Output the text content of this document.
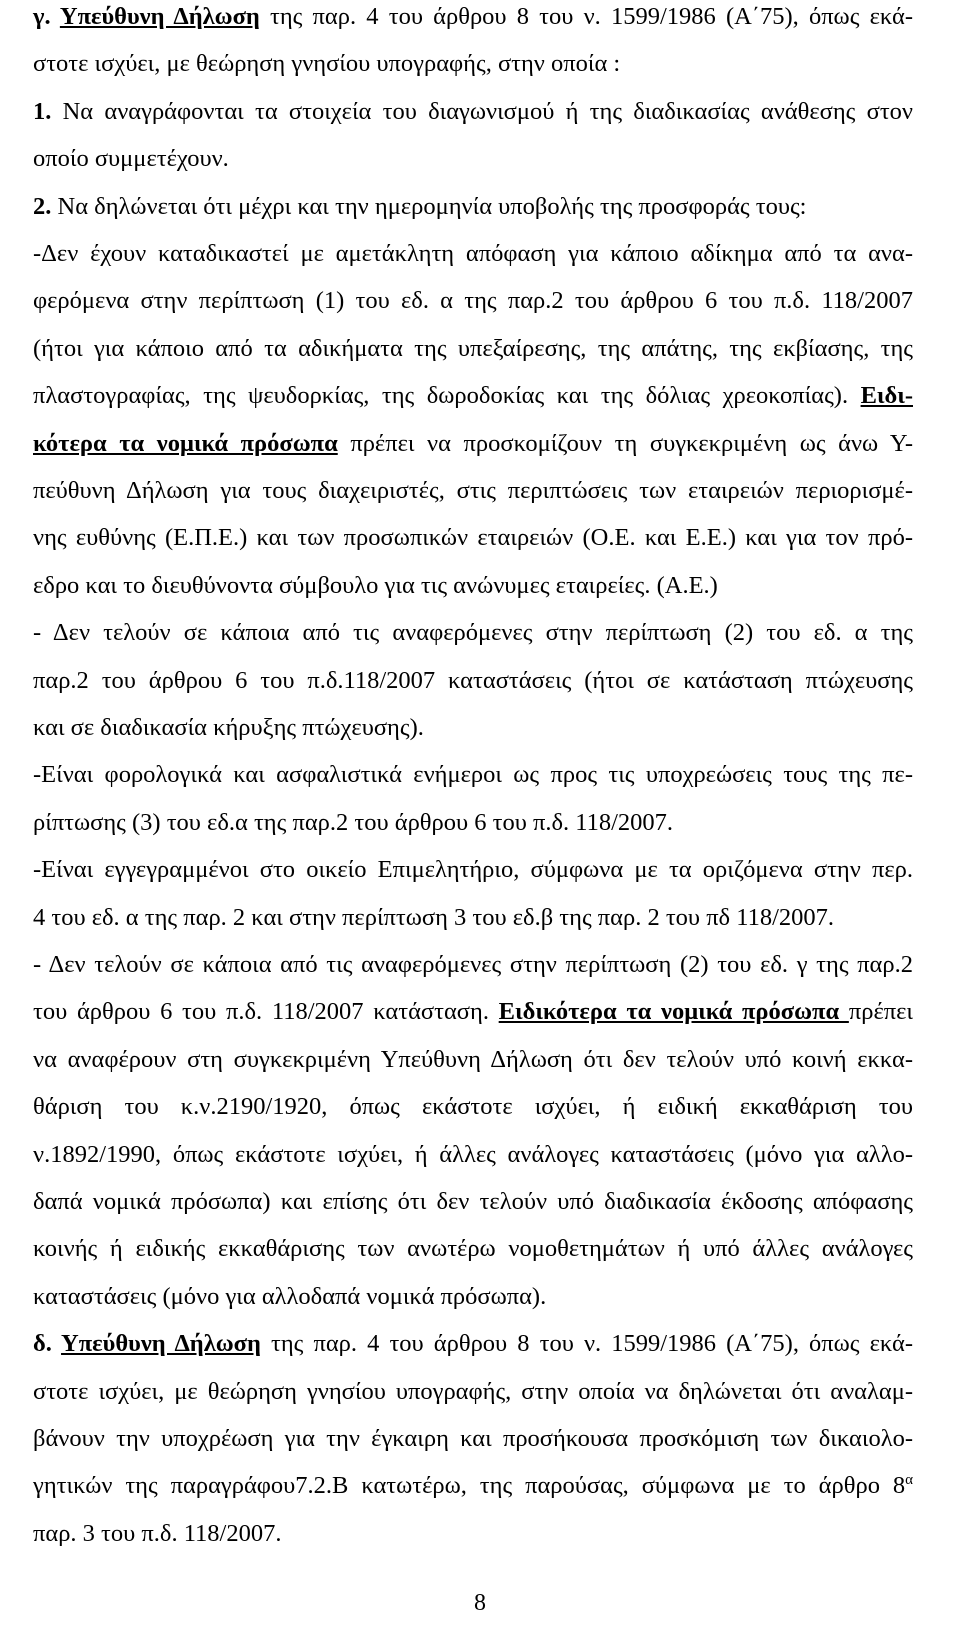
γ. Υπεύθυνη Δήλωση της παρ. 4 του άρθρου 8 του ν. 1599/1986 (Α΄75), όπως εκά-
στοτε ισχύει, με θεώρηση γνησίου υπογραφής, στην οποία :
1. Να αναγράφονται τα στοιχεία του διαγωνισμού ή της διαδικασίας ανάθεσης στον
οποίο συμμετέχουν.
2. Να δηλώνεται ότι μέχρι και την ημερομηνία υποβολής της προσφοράς τους:
-Δεν έχουν καταδικαστεί με αμετάκλητη απόφαση για κάποιο αδίκημα από τα ανα-
φερόμενα στην περίπτωση (1) του εδ. α της παρ.2 του άρθρου 6 του π.δ. 118/2007
(ήτοι για κάποιο από τα αδικήματα της υπεξαίρεσης, της απάτης, της εκβίασης, της
πλαστογραφίας, της ψευδορκίας, της δωροδοκίας και της δόλιας χρεοκοπίας). Ειδι-
κότερα τα νομικά πρόσωπα πρέπει να προσκομίζουν τη συγκεκριμένη ως άνω Υ-
πεύθυνη Δήλωση για τους διαχειριστές, στις περιπτώσεις των εταιρειών περιορισμέ-
νης ευθύνης (Ε.Π.Ε.) και των προσωπικών εταιρειών (Ο.Ε. και Ε.Ε.) και για τον πρό-
εδρο και το διευθύνοντα σύμβουλο για τις ανώνυμες εταιρείες. (Α.Ε.)
- Δεν τελούν σε κάποια από τις αναφερόμενες στην περίπτωση (2) του εδ. α της
παρ.2 του άρθρου 6 του π.δ.118/2007 καταστάσεις (ήτοι σε κατάσταση πτώχευσης
και σε διαδικασία κήρυξης πτώχευσης).
-Είναι φορολογικά και ασφαλιστικά ενήμεροι ως προς τις υποχρεώσεις τους της πε-
ρίπτωσης (3) του εδ.α της παρ.2 του άρθρου 6 του π.δ. 118/2007.
-Είναι εγγεγραμμένοι στο οικείο Επιμελητήριο, σύμφωνα με τα οριζόμενα στην περ.
4 του εδ. α της παρ. 2 και στην περίπτωση 3 του εδ.β της παρ. 2 του πδ 118/2007.
- Δεν τελούν σε κάποια από τις αναφερόμενες στην περίπτωση (2) του εδ. γ της παρ.2
του άρθρου 6 του π.δ. 118/2007 κατάσταση. Ειδικότερα τα νομικά πρόσωπα πρέπει
να αναφέρουν στη συγκεκριμένη Υπεύθυνη Δήλωση ότι δεν τελούν υπό κοινή εκκα-
θάριση του κ.ν.2190/1920, όπως εκάστοτε ισχύει, ή ειδική εκκαθάριση του
ν.1892/1990, όπως εκάστοτε ισχύει, ή άλλες ανάλογες καταστάσεις (μόνο για αλλο-
δαπά νομικά πρόσωπα) και επίσης ότι δεν τελούν υπό διαδικασία έκδοσης απόφασης
κοινής ή ειδικής εκκαθάρισης των ανωτέρω νομοθετημάτων ή υπό άλλες ανάλογες
καταστάσεις (μόνο για αλλοδαπά νομικά πρόσωπα).
δ. Υπεύθυνη Δήλωση της παρ. 4 του άρθρου 8 του ν. 1599/1986 (Α΄75), όπως εκά-
στοτε ισχύει, με θεώρηση γνησίου υπογραφής, στην οποία να δηλώνεται ότι αναλαμ-
βάνουν την υποχρέωση για την έγκαιρη και προσήκουσα προσκόμιση των δικαιολο-
γητικών της παραγράφου7.2.Β κατωτέρω, της παρούσας, σύμφωνα με το άρθρο $8^\alpha$
παρ. 3 του π.δ. 118/2007.
8
